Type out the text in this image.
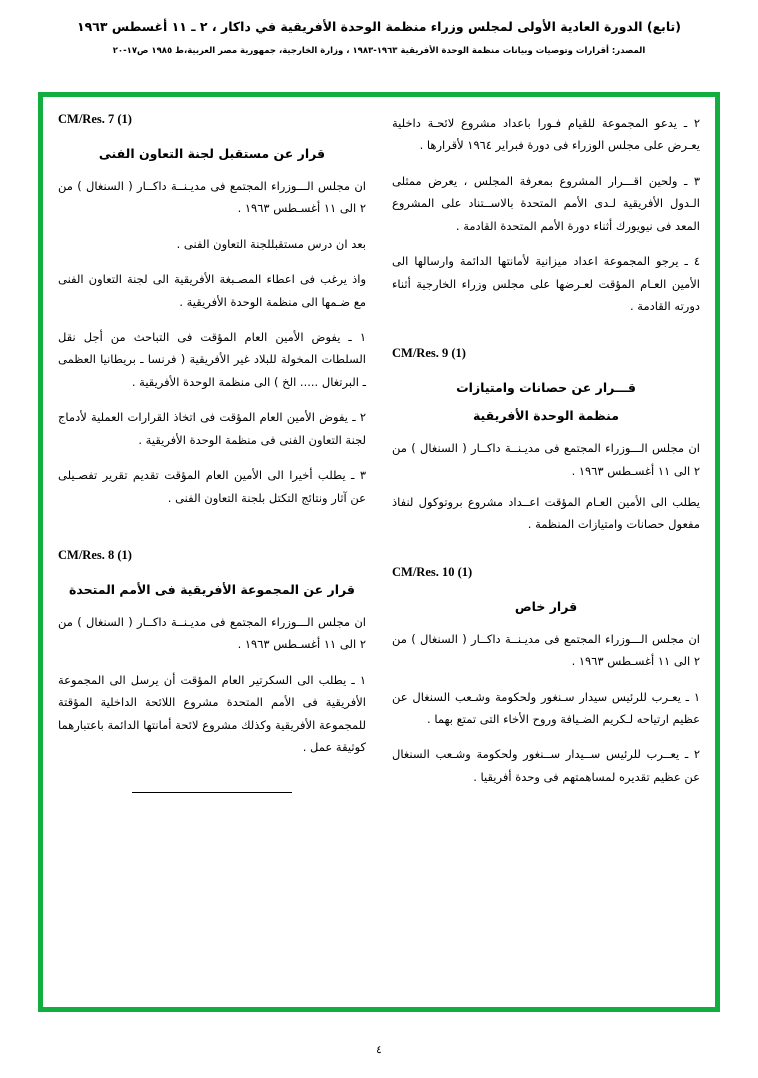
(تابع) الدورة العادية الأولى لمجلس وزراء منظمة الوحدة الأفريقية في داكار ، ٢ ـ ١١ أغسطس ١٩٦٣
المصدر: أقرارات وتوصيات وبيانات منظمة الوحدة الأفريقية ١٩٦٣-١٩٨٣ ، وزارة الخارجية، جمهورية مصر العربية،ط ١٩٨٥ ص١٧-٢٠
٢ ـ يدعو المجموعة للقيام فـورا باعداد مشروع لائحـة داخلية يعـرض على مجلس الوزراء فى دورة فبراير ١٩٦٤ لأقرارها .
٣ ـ ولحين اقـــرار المشروع بمعرفة المجلس ، يعرض ممثلى الـدول الأفريقية لـدى الأمم المتحدة بالاســتناد على المشروع المعد فى نيويورك أثناء دورة الأمم المتحدة القادمة .
٤ ـ يرجو المجموعة اعداد ميزانية لأمانتها الدائمة وارسالها الى الأمين العـام المؤقت لعـرضها على مجلس وزراء الخارجية أثناء دورته القادمة .
CM/Res. 9 (1)
قـــرار عن حصانات وامتيازات
منظمة الوحدة الأفريقية
ان مجلس الـــوزراء المجتمع فى مديـنــة داكــار ( السنغال ) من ٢ الى ١١ أغسـطس ١٩٦٣ .
يطلب الى الأمين العـام المؤقت اعــداد مشروع بروتوكول لنفاذ مفعول حصانات وامتيازات المنظمة .
CM/Res. 10 (1)
قرار خاص
ان مجلس الـــوزراء المجتمع فى مديـنــة داكــار ( السنغال ) من ٢ الى ١١ أغسـطس ١٩٦٣ .
١ ـ يعـرب للرئيس سيدار سـنغور ولحكومة وشـعب السنغال عن عظيم ارتياحه لـكريم الضـيافة وروح الأخاء التى تمتع بهما .
٢ ـ يعــرب للرئيس ســيدار ســنغور ولحكومة وشـعب السنغال عن عظيم تقديره لمساهمتهم فى وحدة أفريقيا .
CM/Res. 7 (1)
قرار عن مستقبل لجنة التعاون الفنى
ان مجلس الـــوزراء المجتمع فى مديـنــة داكــار ( السنغال ) من ٢ الى ١١ أغسـطس ١٩٦٣ .
بعد ان درس مستقبللجنة التعاون الفنى .
واذ يرغب فى اعطاء المصـبغة الأفريقية الى لجنة التعاون الفنى مع ضـمها الى منظمة الوحدة الأفريقية .
١ ـ يفوض الأمين العام المؤقت فى التباحث من أجل نقل السلطات المخولة للبلاد غير الأفريقية ( فرنسا ـ بريطانيا العظمى ـ البرتغال ..... الخ ) الى منظمة الوحدة الأفريقية .
٢ ـ يفوض الأمين العام المؤقت فى اتخاذ القرارات العملية لأدماج لجنة التعاون الفنى فى منظمة الوحدة الأفريقية .
٣ ـ يطلب أخيرا الى الأمين العام المؤقت تقديم تقرير تفصـيلى عن آثار ونتائج التكتل بلجنة التعاون الفنى .
CM/Res. 8 (1)
قرار عن المجموعة الأفريقية فى الأمم المتحدة
ان مجلس الـــوزراء المجتمع فى مديـنــة داكــار ( السنغال ) من ٢ الى ١١ أغسـطس ١٩٦٣ .
١ ـ يطلب الى السكرتير العام المؤقت أن يرسل الى المجموعة الأفريقية فى الأمم المتحدة مشروع اللائحة الداخلية المؤقتة للمجموعة الأفريقية وكذلك مشروع لائحة أمانتها الدائمة باعتبارهما كوثيقة عمل .
٤
